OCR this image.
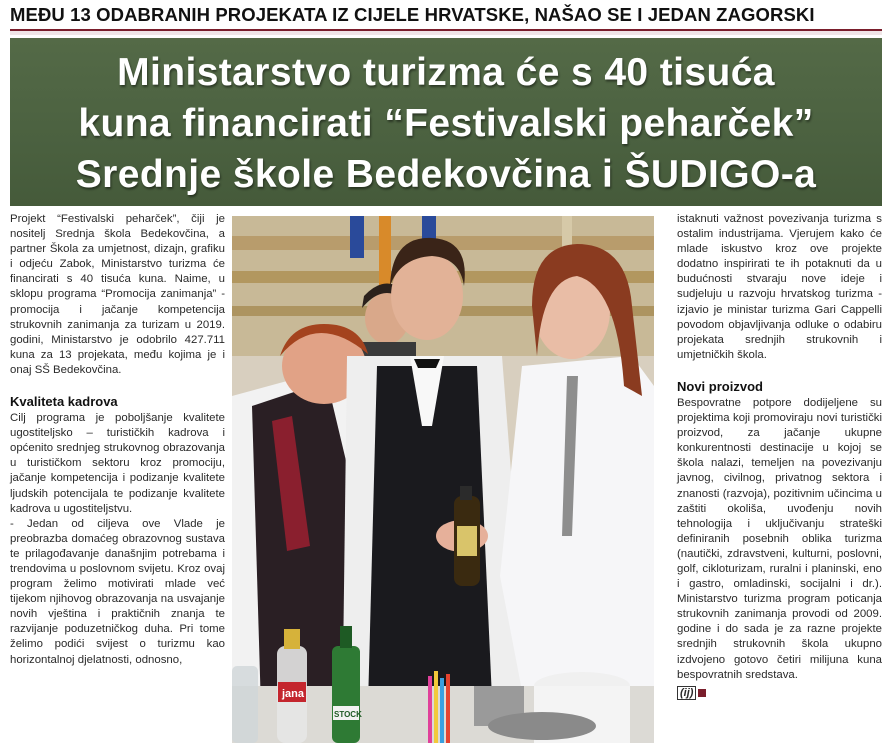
MEĐU 13 ODABRANIH PROJEKATA IZ CIJELE HRVATSKE, NAŠAO SE I JEDAN ZAGORSKI
Ministarstvo turizma će s 40 tisuća
kuna financirati “Festivalski peharček”
Srednje škole Bedekovčina i ŠUDIGO-a

Projekt “Festivalski peharček”, čiji je nositelj Srednja škola Bedekovčina, a partner Škola za umjetnost, dizajn, grafiku i odjeću Zabok, Ministarstvo turizma će financirati s 40 tisuća kuna. Naime, u sklopu programa “Promocija zanimanja” - promocija i jačanje kompetencija strukovnih zanimanja za turizam u 2019. godini, Ministarstvo je odobrilo 427.711 kuna za 13 projekata, među kojima je i onaj SŠ Bedekovčina.

Kvaliteta kadrova

Cilj programa je poboljšanje kvalitete ugostiteljsko – turističkih kadrova i općenito srednjeg strukovnog obrazovanja u turističkom sektoru kroz promociju, jačanje kompetencija i podizanje kvalitete ljudskih potencijala te podizanje kvalitete kadrova u ugostiteljstvu.

- Jedan od ciljeva ove Vlade je preobrazba domaćeg obrazovnog sustava te prilagođavanje današnjim potrebama i trendovima u poslovnom svijetu. Kroz ovaj program želimo motivirati mlade već tijekom njihovog obrazovanja na usvajanje novih vještina i praktičnih znanja te razvijanje poduzetničkog duha. Pri tome želimo podići svijest o turizmu kao horizontalnoj djelatnosti, odnosno,

jana
STOCK

istaknuti važnost povezivanja turizma s ostalim industrijama. Vjerujem kako će mlade iskustvo kroz ove projekte dodatno inspirirati te ih potaknuti da u budućnosti stvaraju nove ideje i sudjeluju u razvoju hrvatskog turizma - izjavio je ministar turizma Gari Cappelli povodom objavljivanja odluke o odabiru projekata srednjih strukovnih i umjetničkih škola.

Novi proizvod

Bespovratne potpore dodijeljene su projektima koji promoviraju novi turistički proizvod, za jačanje ukupne konkurentnosti destinacije u kojoj se škola nalazi, temeljen na povezivanju javnog, civilnog, privatnog sektora i znanosti (razvoja), pozitivnim učincima u zaštiti okoliša, uvođenju novih tehnologija i uključivanju strateški definiranih posebnih oblika turizma (nautički, zdravstveni, kulturni, poslovni, golf, cikloturizam, ruralni i planinski, eno i gastro, omladinski, socijalni i dr.). Ministarstvo turizma program poticanja strukovnih zanimanja provodi od 2009. godine i do sada je za razne projekte srednjih strukovnih škola ukupno izdvojeno gotovo četiri milijuna kuna bespovratnih sredstava.

(ij)
